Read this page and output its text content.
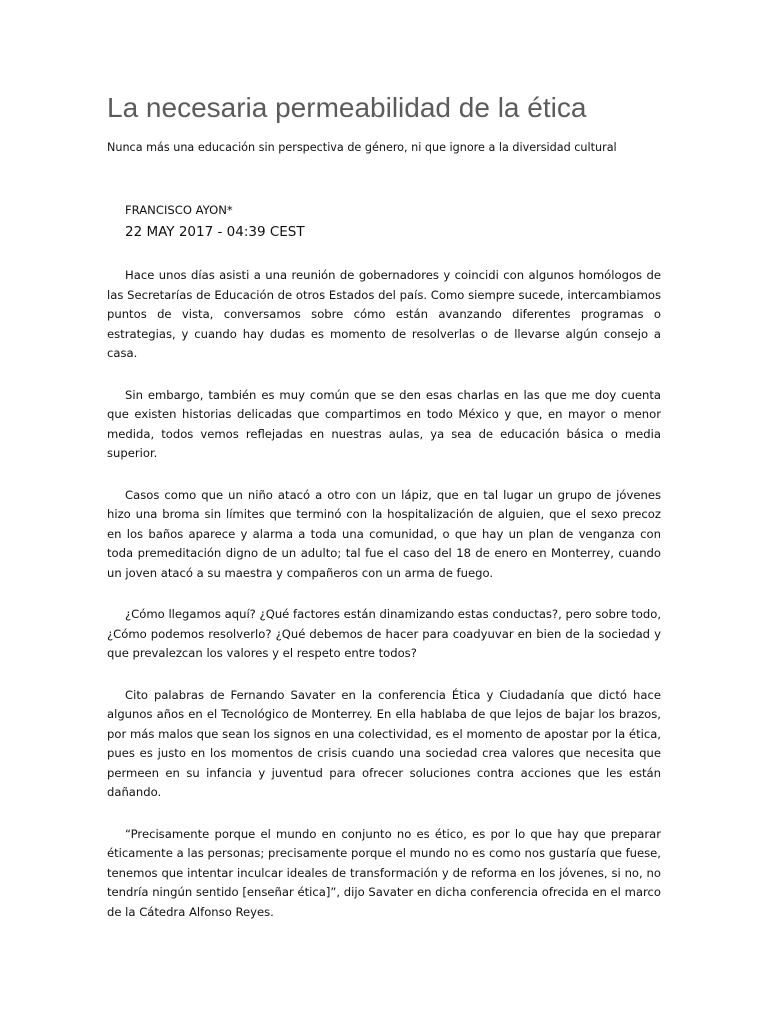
La necesaria permeabilidad de la ética

Nunca más una educación sin perspectiva de género, ni que ignore a la diversidad cultural

FRANCISCO AYON*

22 MAY 2017 - 04:39 CEST

Hace unos días asisti a una reunión de gobernadores y coincidi con algunos homólogos de las Secretarías de Educación de otros Estados del país. Como siempre sucede, intercambiamos puntos de vista, conversamos sobre cómo están avanzando diferentes programas o estrategias, y cuando hay dudas es momento de resolverlas o de llevarse algún consejo a casa.

Sin embargo, también es muy común que se den esas charlas en las que me doy cuenta que existen historias delicadas que compartimos en todo México y que, en mayor o menor medida, todos vemos reflejadas en nuestras aulas, ya sea de educación básica o media superior.

Casos como que un niño atacó a otro con un lápiz, que en tal lugar un grupo de jóvenes hizo una broma sin límites que terminó con la hospitalización de alguien, que el sexo precoz en los baños aparece y alarma a toda una comunidad, o que hay un plan de venganza con toda premeditación digno de un adulto; tal fue el caso del 18 de enero en Monterrey, cuando un joven atacó a su maestra y compañeros con un arma de fuego.

¿Cómo llegamos aquí? ¿Qué factores están dinamizando estas conductas?, pero sobre todo, ¿Cómo podemos resolverlo? ¿Qué debemos de hacer para coadyuvar en bien de la sociedad y que prevalezcan los valores y el respeto entre todos?

Cito palabras de Fernando Savater en la conferencia Ética y Ciudadanía que dictó hace algunos años en el Tecnológico de Monterrey. En ella hablaba de que lejos de bajar los brazos, por más malos que sean los signos en una colectividad, es el momento de apostar por la ética, pues es justo en los momentos de crisis cuando una sociedad crea valores que necesita que permeen en su infancia y juventud para ofrecer soluciones contra acciones que les están dañando.

“Precisamente porque el mundo en conjunto no es ético, es por lo que hay que preparar éticamente a las personas; precisamente porque el mundo no es como nos gustaría que fuese, tenemos que intentar inculcar ideales de transformación y de reforma en los jóvenes, si no, no tendría ningún sentido [enseñar ética]”, dijo Savater en dicha conferencia ofrecida en el marco de la Cátedra Alfonso Reyes.
